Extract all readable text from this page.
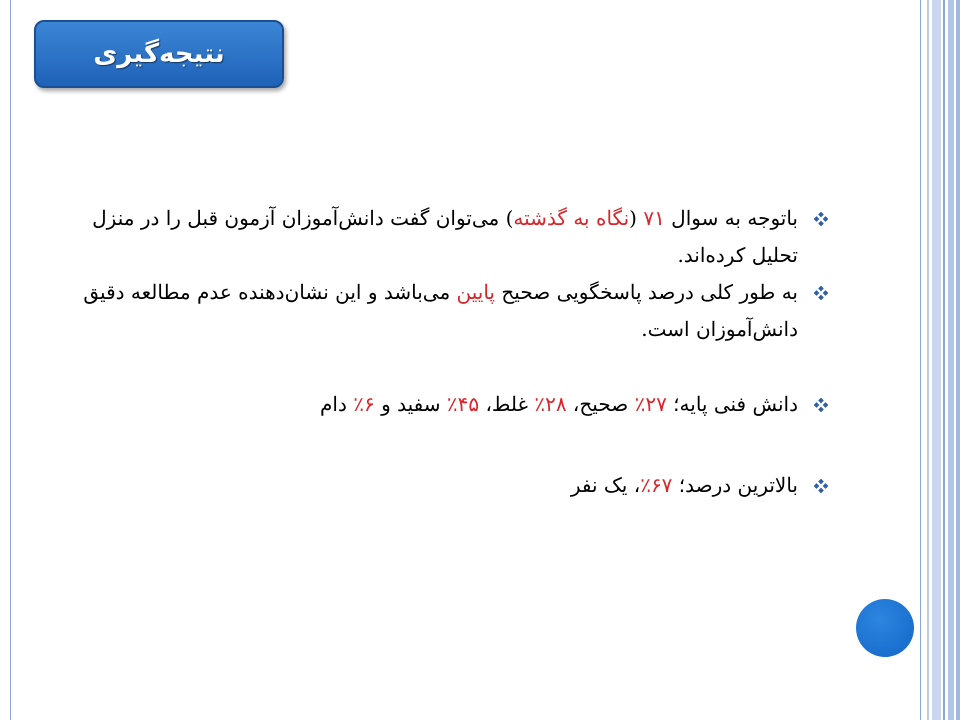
نتیجه‌گیری
باتوجه به سوال ۷۱ (نگاه به گذشته) می‌توان گفت دانش‌آموزان آزمون قبل را در منزل تحلیل کرده‌اند.
به طور کلی درصد پاسخگویی صحیح پایین می‌باشد و این نشان‌دهنده عدم مطالعه دقیق دانش‌آموزان است.
دانش فنی پایه؛ ۲۷٪ صحیح، ۲۸٪ غلط، ۴۵٪ سفید و ۶٪ دام
بالاترین درصد؛ ۶۷٪، یک نفر
